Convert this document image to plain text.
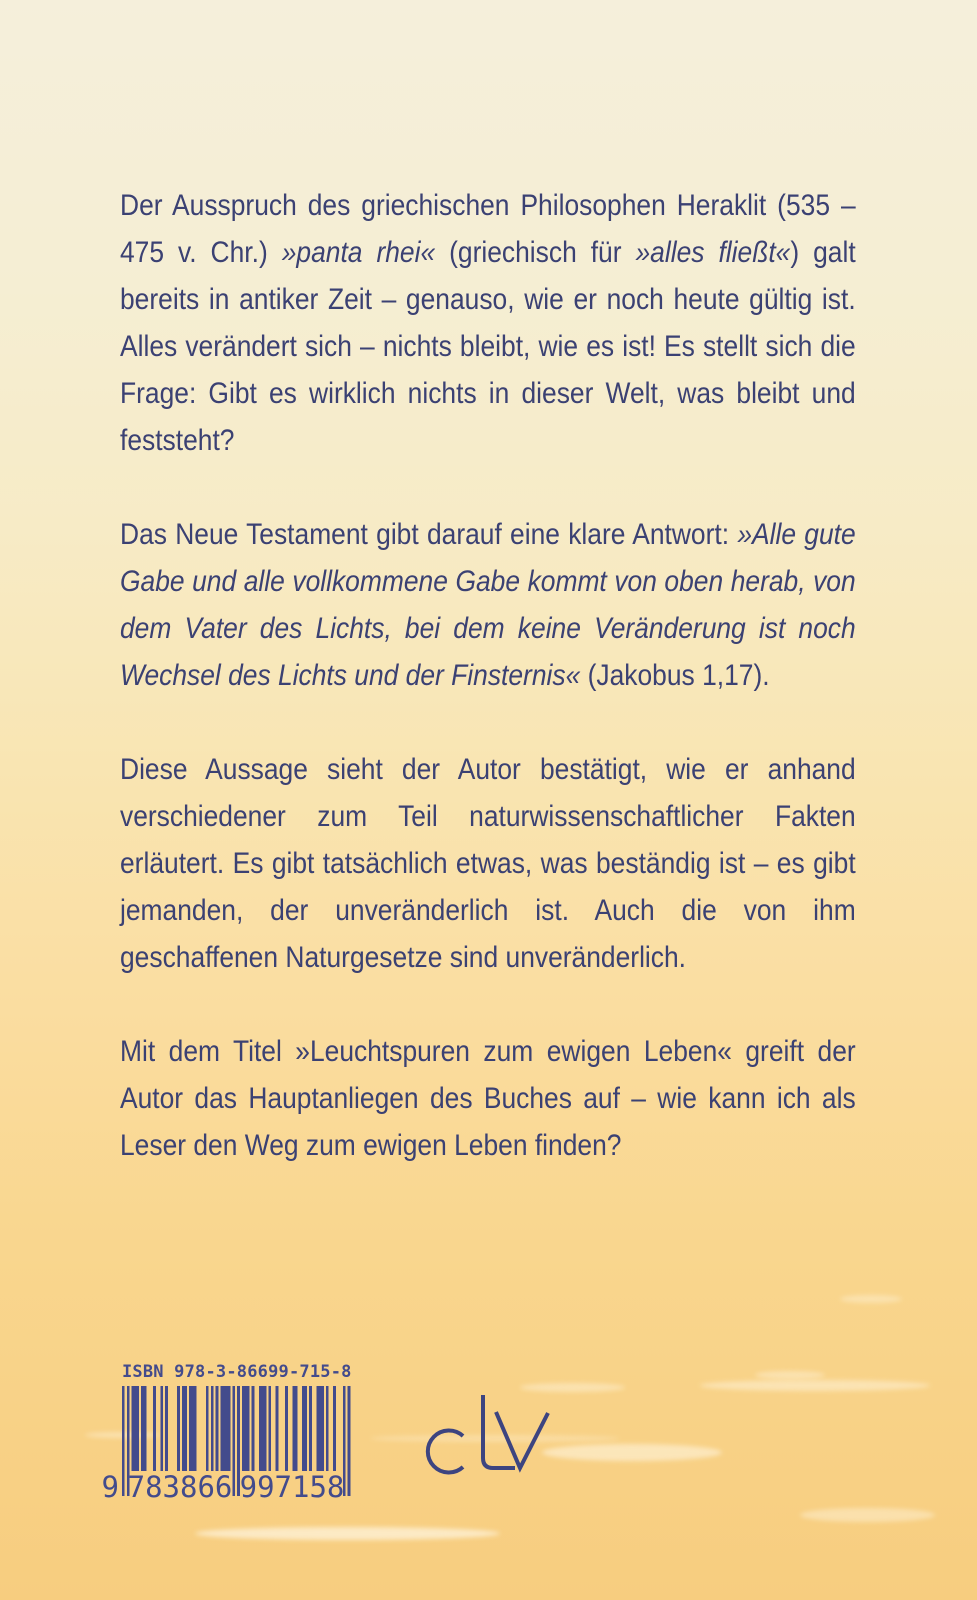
Der Ausspruch des griechischen Philosophen Heraklit (535 – 475 v. Chr.) »panta rhei« (griechisch für »alles fließt«) galt bereits in antiker Zeit – genauso, wie er noch heute gültig ist. Alles verändert sich – nichts bleibt, wie es ist! Es stellt sich die Frage: Gibt es wirklich nichts in dieser Welt, was bleibt und feststeht?

Das Neue Testament gibt darauf eine klare Antwort: »Alle gute Gabe und alle vollkommene Gabe kommt von oben herab, von dem Vater des Lichts, bei dem keine Veränderung ist noch Wechsel des Lichts und der Finsternis« (Jakobus 1,17).

Diese Aussage sieht der Autor bestätigt, wie er anhand verschiedener zum Teil naturwissenschaftlicher Fakten erläutert. Es gibt tatsächlich etwas, was beständig ist – es gibt jemanden, der unveränderlich ist. Auch die von ihm geschaffenen Naturgesetze sind unveränderlich.

Mit dem Titel »Leuchtspuren zum ewigen Leben« greift der Autor das Hauptanliegen des Buches auf – wie kann ich als Leser den Weg zum ewigen Leben finden?

ISBN 978-3-86699-715-8
9 783866 997158
